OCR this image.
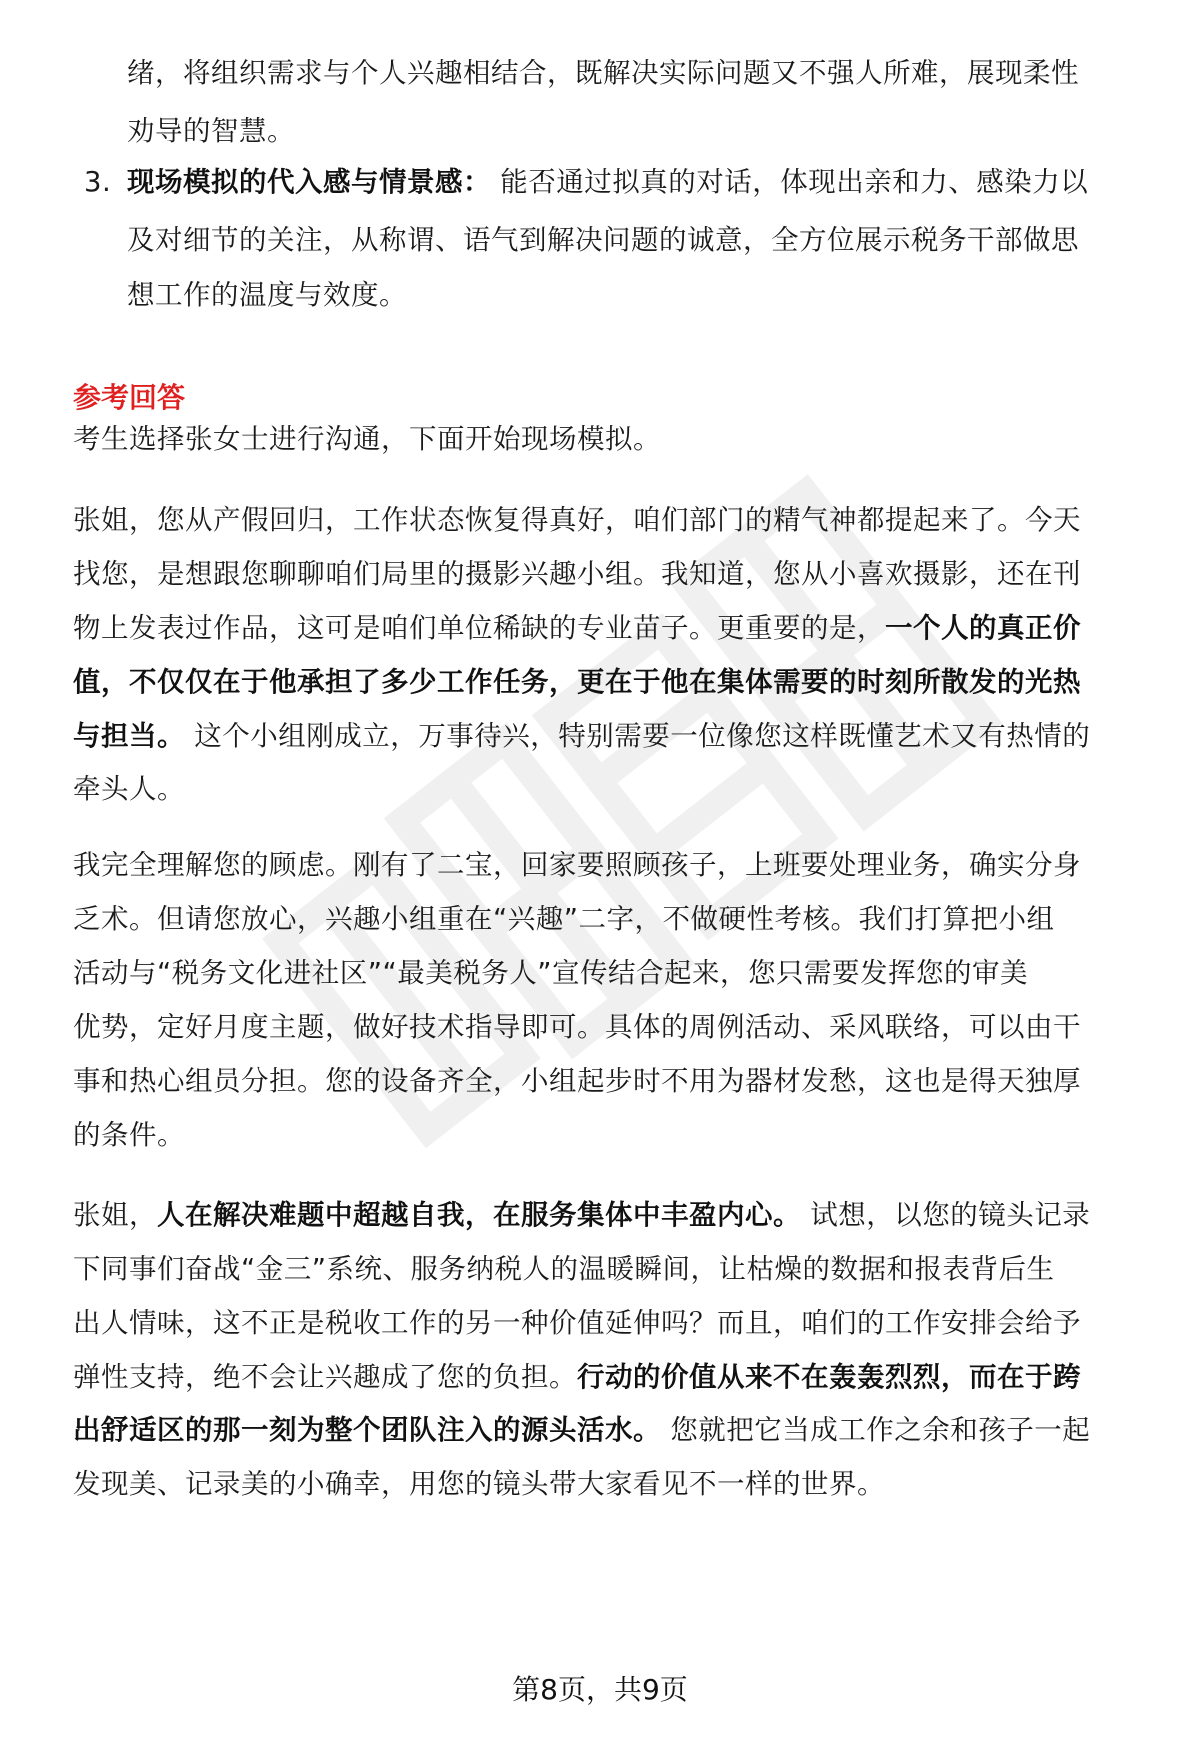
绪，将组织需求与个人兴趣相结合，既解决实际问题又不强人所难，展现柔性

劝导的智慧。

3. 现场模拟的代入感与情景感： 能否通过拟真的对话，体现出亲和力、感染力以

及对细节的关注，从称谓、语气到解决问题的诚意，全方位展示税务干部做思

想工作的温度与效度。

参考回答

考生选择张女士进行沟通，下面开始现场模拟。

张姐，您从产假回归，工作状态恢复得真好，咱们部门的精气神都提起来了。今天

找您，是想跟您聊聊咱们局里的摄影兴趣小组。我知道，您从小喜欢摄影，还在刊

物上发表过作品，这可是咱们单位稀缺的专业苗子。更重要的是，一个人的真正价

值，不仅仅在于他承担了多少工作任务，更在于他在集体需要的时刻所散发的光热

与担当。 这个小组刚成立，万事待兴，特别需要一位像您这样既懂艺术又有热情的

牵头人。

我完全理解您的顾虑。刚有了二宝，回家要照顾孩子，上班要处理业务，确实分身

乏术。但请您放心，兴趣小组重在“兴趣”二字，不做硬性考核。我们打算把小组

活动与“税务文化进社区”“最美税务人”宣传结合起来，您只需要发挥您的审美

优势，定好月度主题，做好技术指导即可。具体的周例活动、采风联络，可以由干

事和热心组员分担。您的设备齐全，小组起步时不用为器材发愁，这也是得天独厚

的条件。

张姐，人在解决难题中超越自我，在服务集体中丰盈内心。 试想，以您的镜头记录

下同事们奋战“金三”系统、服务纳税人的温暖瞬间，让枯燥的数据和报表背后生

出人情味，这不正是税收工作的另一种价值延伸吗？而且，咱们的工作安排会给予

弹性支持，绝不会让兴趣成了您的负担。行动的价值从来不在轰轰烈烈，而在于跨

出舒适区的那一刻为整个团队注入的源头活水。 您就把它当成工作之余和孩子一起

发现美、记录美的小确幸，用您的镜头带大家看见不一样的世界。

第8页，共9页
